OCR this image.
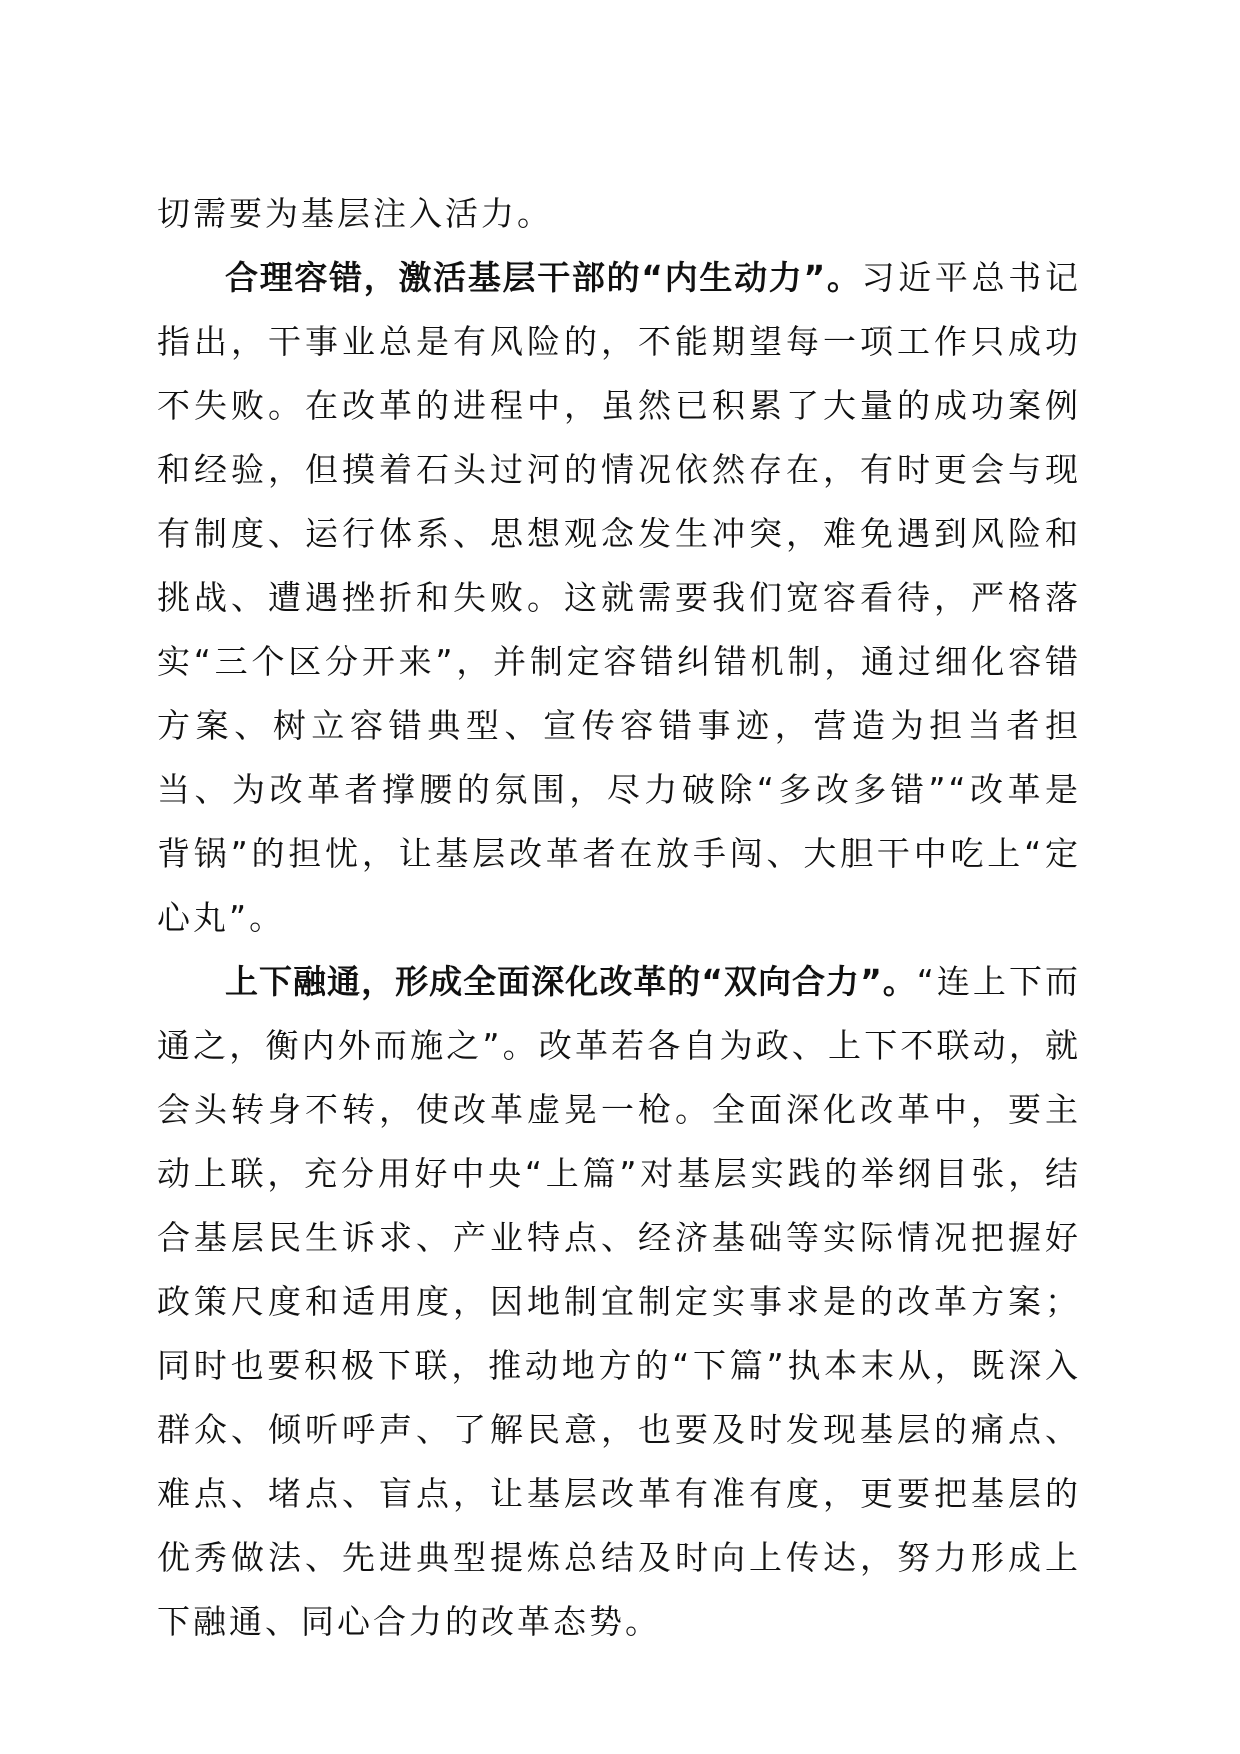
切需要为基层注入活力。

合理容错，激活基层干部的“内生动力”。习近平总书记指出，干事业总是有风险的，不能期望每一项工作只成功不失败。在改革的进程中，虽然已积累了大量的成功案例和经验，但摸着石头过河的情况依然存在，有时更会与现有制度、运行体系、思想观念发生冲突，难免遇到风险和挑战、遭遇挫折和失败。这就需要我们宽容看待，严格落实“三个区分开来”，并制定容错纠错机制，通过细化容错方案、树立容错典型、宣传容错事迹，营造为担当者担当、为改革者撑腰的氛围，尽力破除“多改多错”“改革是背锅”的担忧，让基层改革者在放手闯、大胆干中吃上“定心丸”。

上下融通，形成全面深化改革的“双向合力”。“连上下而通之，衡内外而施之”。改革若各自为政、上下不联动，就会头转身不转，使改革虚晃一枪。全面深化改革中，要主动上联，充分用好中央“上篇”对基层实践的举纲目张，结合基层民生诉求、产业特点、经济基础等实际情况把握好政策尺度和适用度，因地制宜制定实事求是的改革方案；同时也要积极下联，推动地方的“下篇”执本末从，既深入群众、倾听呼声、了解民意，也要及时发现基层的痛点、难点、堵点、盲点，让基层改革有准有度，更要把基层的优秀做法、先进典型提炼总结及时向上传达，努力形成上下融通、同心合力的改革态势。
